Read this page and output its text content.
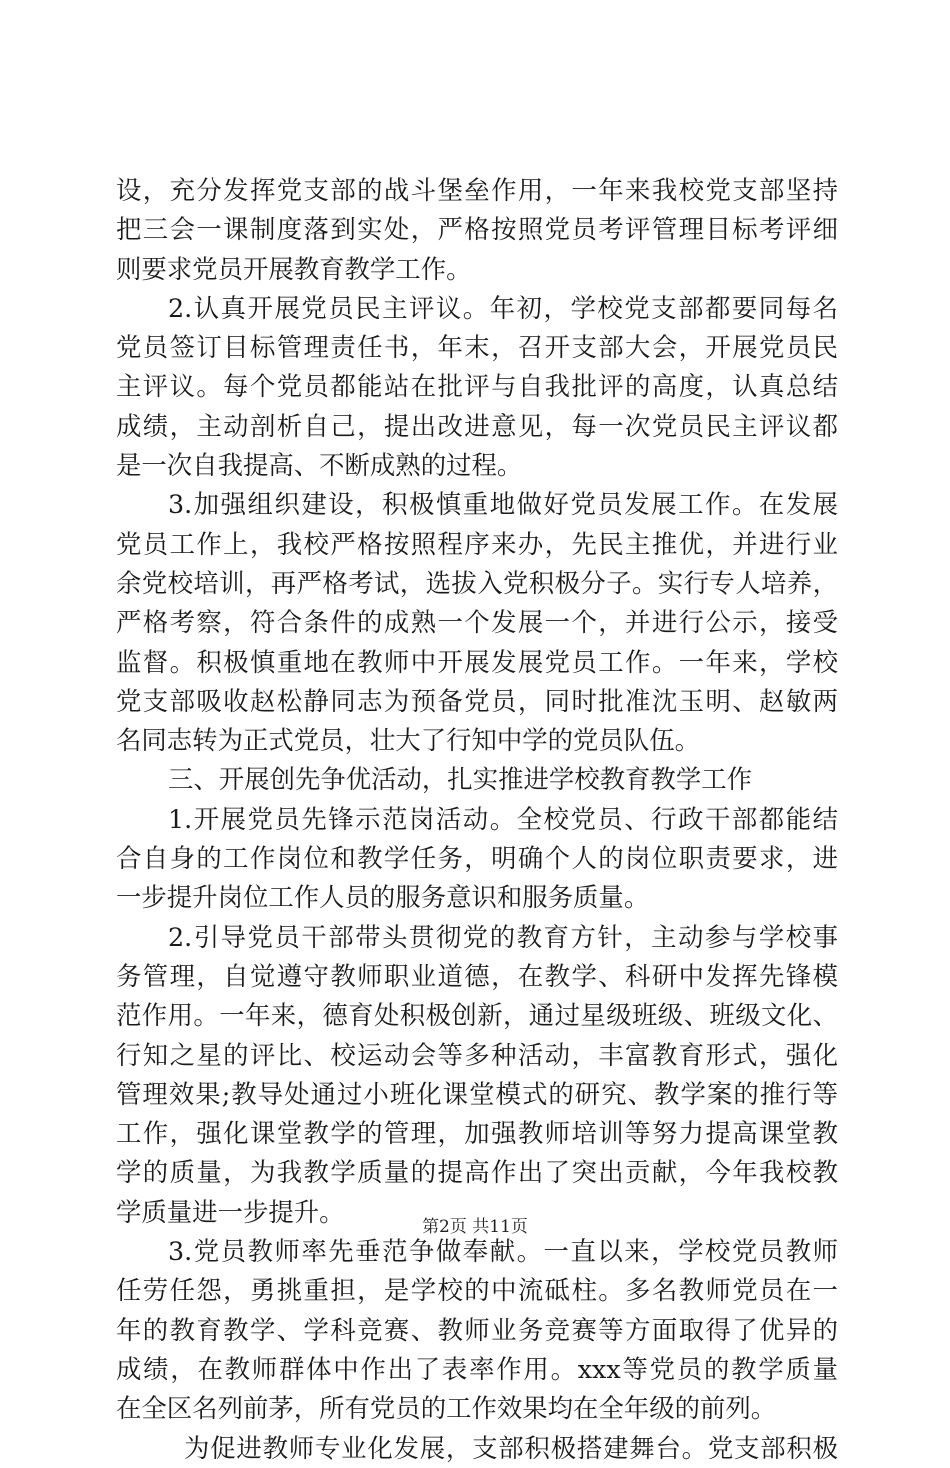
设，充分发挥党支部的战斗堡垒作用，一年来我校党支部坚持
把三会一课制度落到实处，严格按照党员考评管理目标考评细
则要求党员开展教育教学工作。
2.认真开展党员民主评议。年初，学校党支部都要同每名
党员签订目标管理责任书，年末，召开支部大会，开展党员民
主评议。每个党员都能站在批评与自我批评的高度，认真总结
成绩，主动剖析自己，提出改进意见，每一次党员民主评议都
是一次自我提高、不断成熟的过程。
3.加强组织建设，积极慎重地做好党员发展工作。在发展
党员工作上，我校严格按照程序来办，先民主推优，并进行业
余党校培训，再严格考试，选拔入党积极分子。实行专人培养，
严格考察，符合条件的成熟一个发展一个，并进行公示，接受
监督。积极慎重地在教师中开展发展党员工作。一年来，学校
党支部吸收赵松静同志为预备党员，同时批准沈玉明、赵敏两
名同志转为正式党员，壮大了行知中学的党员队伍。
三、开展创先争优活动，扎实推进学校教育教学工作
1.开展党员先锋示范岗活动。全校党员、行政干部都能结
合自身的工作岗位和教学任务，明确个人的岗位职责要求，进
一步提升岗位工作人员的服务意识和服务质量。
2.引导党员干部带头贯彻党的教育方针，主动参与学校事
务管理，自觉遵守教师职业道德，在教学、科研中发挥先锋模
范作用。一年来，德育处积极创新，通过星级班级、班级文化、
行知之星的评比、校运动会等多种活动，丰富教育形式，强化
管理效果;教导处通过小班化课堂模式的研究、教学案的推行等
工作，强化课堂教学的管理，加强教师培训等努力提高课堂教
学的质量，为我教学质量的提高作出了突出贡献，今年我校教
学质量进一步提升。
3.党员教师率先垂范争做奉献。一直以来，学校党员教师
任劳任怨，勇挑重担，是学校的中流砥柱。多名教师党员在一
年的教育教学、学科竞赛、教师业务竞赛等方面取得了优异的
成绩，在教师群体中作出了表率作用。xxx等党员的教学质量
在全区名列前茅，所有党员的工作效果均在全年级的前列。
为促进教师专业化发展，支部积极搭建舞台。党支部积极
第2页 共11页
